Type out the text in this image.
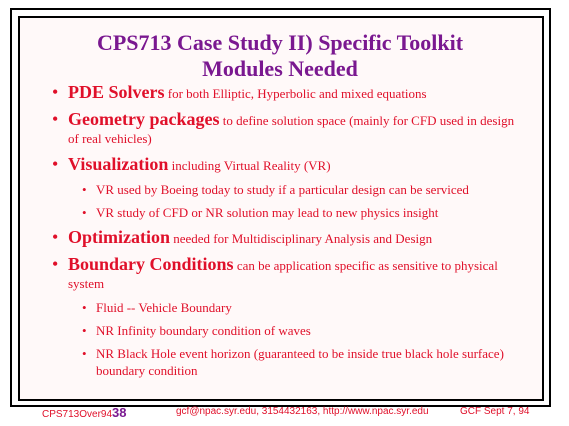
CPS713 Case Study II) Specific Toolkit
Modules Needed
• PDE Solvers for both Elliptic, Hyperbolic and mixed equations
• Geometry packages to define solution space (mainly for CFD used in design of real vehicles)
• Visualization including Virtual Reality (VR)
• VR used by Boeing today to study if a particular design can be serviced
• VR study of CFD or NR solution may lead to new physics insight
• Optimization needed for Multidisciplinary Analysis and Design
• Boundary Conditions can be application specific as sensitive to physical system
• Fluid -- Vehicle Boundary
• NR Infinity boundary condition of waves
• NR Black Hole event horizon (guaranteed to be inside true black hole surface) boundary condition
CPS713Over9438	gcf@npac.syr.edu, 3154432163, http://www.npac.syr.edu	GCF Sept 7, 94
